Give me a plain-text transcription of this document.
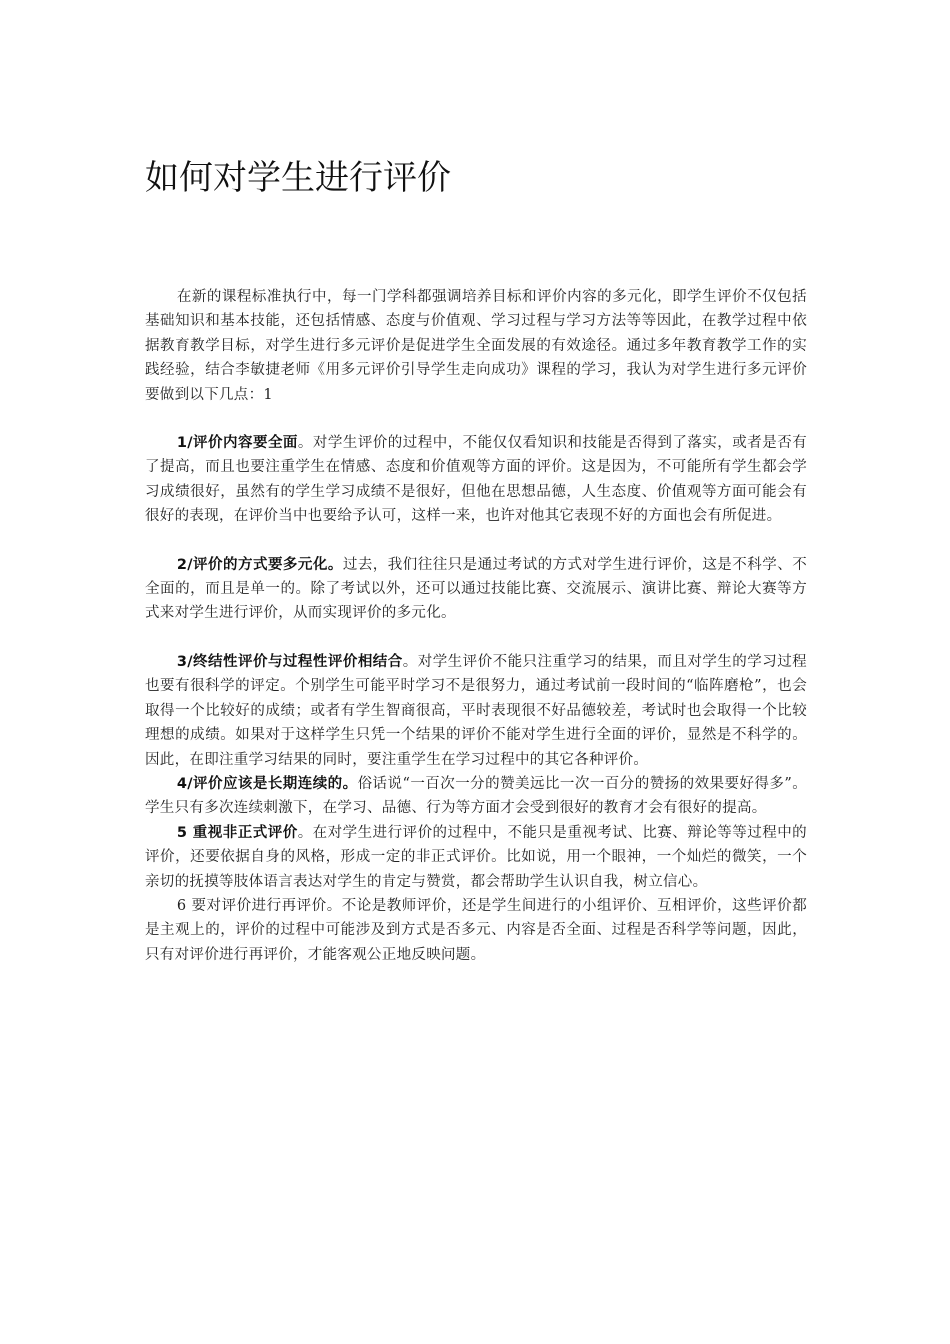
如何对学生进行评价

在新的课程标准执行中，每一门学科都强调培养目标和评价内容的多元化，即学生评价不仅包括基础知识和基本技能，还包括情感、态度与价值观、学习过程与学习方法等等因此，在教学过程中依据教育教学目标，对学生进行多元评价是促进学生全面发展的有效途径。通过多年教育教学工作的实践经验，结合李敏捷老师《用多元评价引导学生走向成功》课程的学习，我认为对学生进行多元评价要做到以下几点：1

1/评价内容要全面。对学生评价的过程中，不能仅仅看知识和技能是否得到了落实，或者是否有了提高，而且也要注重学生在情感、态度和价值观等方面的评价。这是因为，不可能所有学生都会学习成绩很好，虽然有的学生学习成绩不是很好，但他在思想品德，人生态度、价值观等方面可能会有很好的表现，在评价当中也要给予认可，这样一来，也许对他其它表现不好的方面也会有所促进。

2/评价的方式要多元化。过去，我们往往只是通过考试的方式对学生进行评价，这是不科学、不全面的，而且是单一的。除了考试以外，还可以通过技能比赛、交流展示、演讲比赛、辩论大赛等方式来对学生进行评价，从而实现评价的多元化。

3/终结性评价与过程性评价相结合。对学生评价不能只注重学习的结果，而且对学生的学习过程也要有很科学的评定。个别学生可能平时学习不是很努力，通过考试前一段时间的“临阵磨枪”，也会取得一个比较好的成绩；或者有学生智商很高，平时表现很不好品德较差，考试时也会取得一个比较理想的成绩。如果对于这样学生只凭一个结果的评价不能对学生进行全面的评价，显然是不科学的。因此，在即注重学习结果的同时，要注重学生在学习过程中的其它各种评价。

4/评价应该是长期连续的。俗话说“一百次一分的赞美远比一次一百分的赞扬的效果要好得多”。学生只有多次连续刺激下，在学习、品德、行为等方面才会受到很好的教育才会有很好的提高。

5 重视非正式评价。在对学生进行评价的过程中，不能只是重视考试、比赛、辩论等等过程中的评价，还要依据自身的风格，形成一定的非正式评价。比如说，用一个眼神，一个灿烂的微笑，一个亲切的抚摸等肢体语言表达对学生的肯定与赞赏，都会帮助学生认识自我，树立信心。

6 要对评价进行再评价。不论是教师评价，还是学生间进行的小组评价、互相评价，这些评价都是主观上的，评价的过程中可能涉及到方式是否多元、内容是否全面、过程是否科学等问题，因此，只有对评价进行再评价，才能客观公正地反映问题。
